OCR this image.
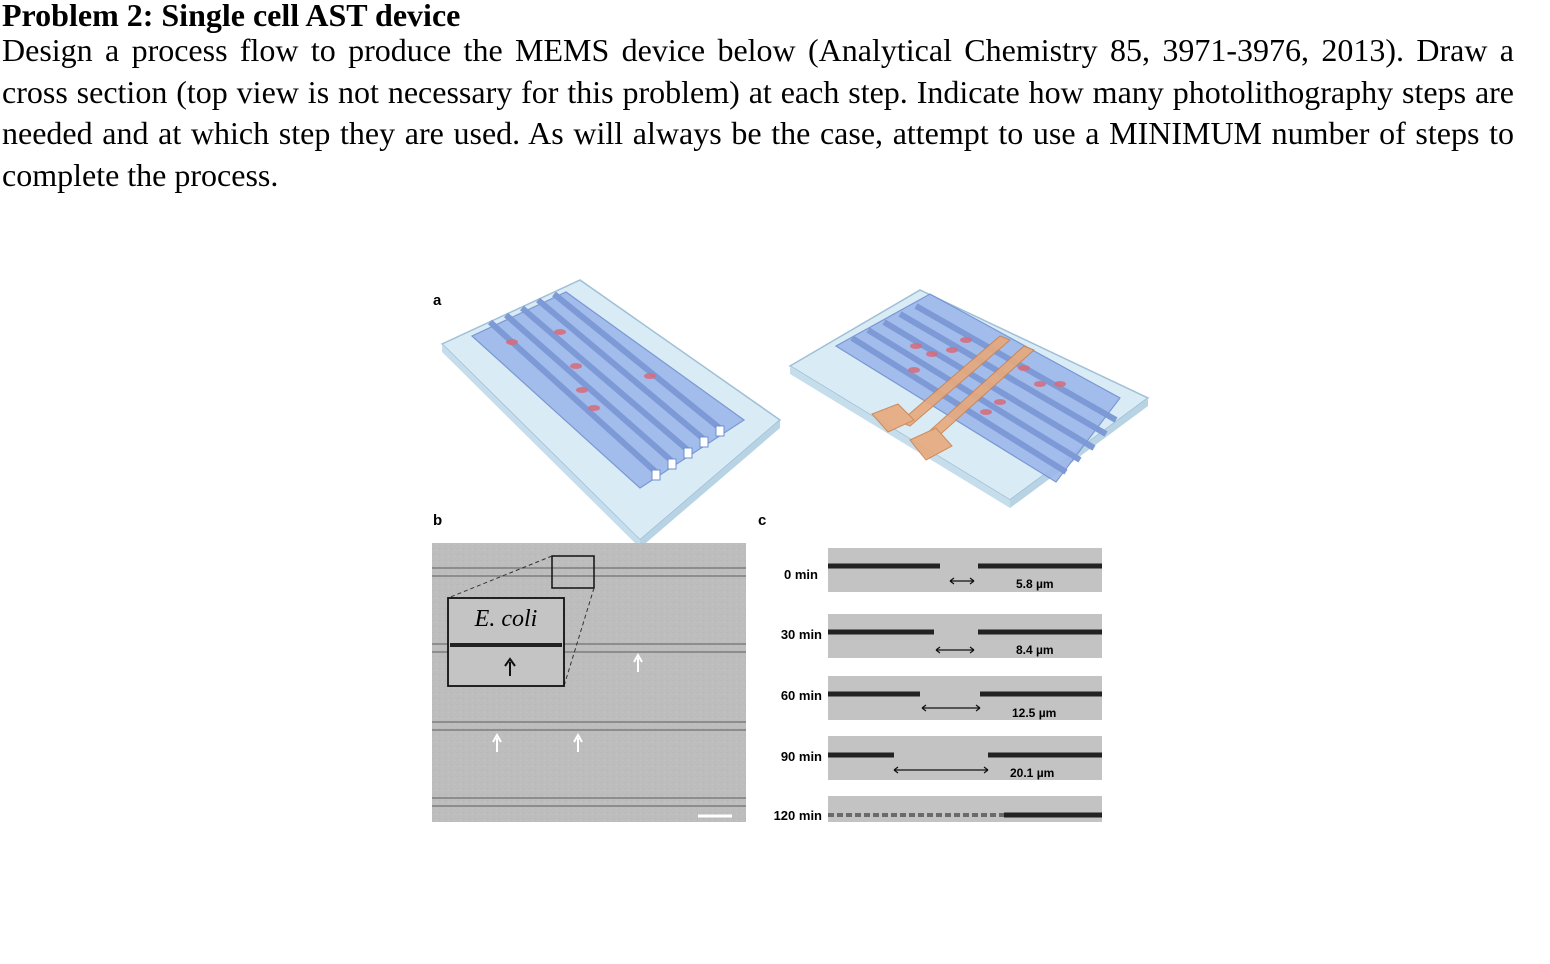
Problem 2: Single cell AST device

Design a process flow to produce the MEMS device below (Analytical Chemistry 85, 3971-3976, 2013). Draw a cross section (top view is not necessary for this problem) at each step. Indicate how many photolithography steps are needed and at which step they are used. As will always be the case, attempt to use a MINIMUM number of steps to complete the process.

a
b	c
E. coli
0 min
5.8 µm
30 min
8.4 µm
60 min
12.5 µm
90 min
20.1 µm
120 min
